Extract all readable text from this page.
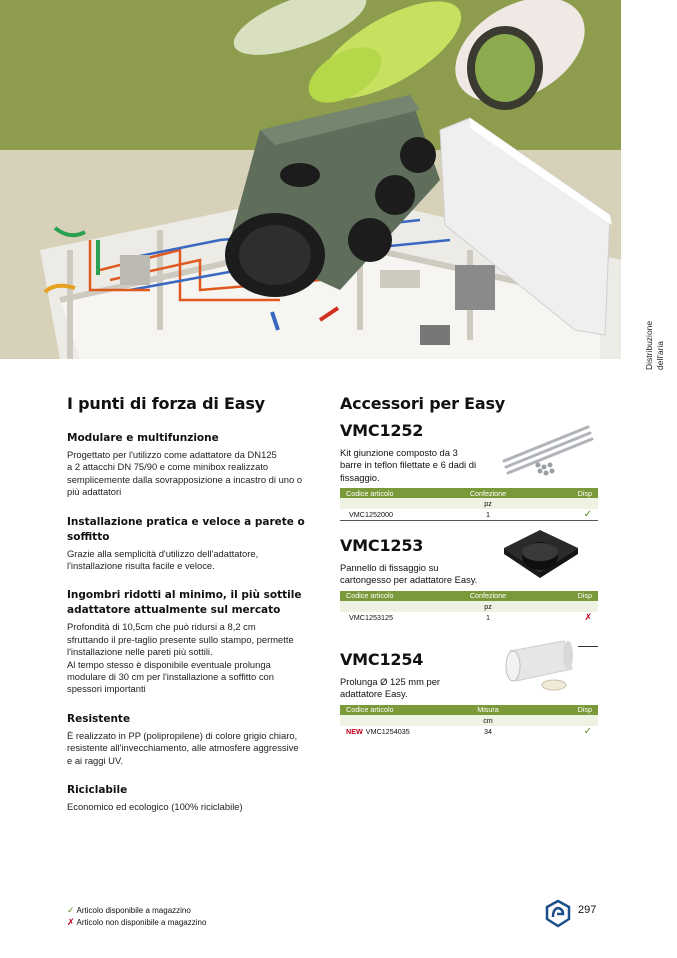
Distribuzione dell'aria
I punti di forza di Easy
Modulare e multifunzione
Progettato per l'utilizzo come adattatore da DN125
a 2 attacchi DN 75/90 e come minibox realizzato
semplicemente dalla sovrapposizione a incastro di uno o
più adattatori
Installazione pratica e veloce a parete o soffitto
Grazie alla semplicità d'utilizzo dell'adattatore,
l'installazione risulta facile e veloce.
Ingombri ridotti al minimo, il più sottile adattatore attualmente sul mercato
Profondità di 10,5cm che può ridursi a 8,2 cm
sfruttando il pre-taglio presente sullo stampo, permette
l'installazione nelle pareti più sottili.
Al tempo stesso è disponibile eventuale prolunga
modulare di 30 cm per l'installazione a soffitto con
spessori importanti
Resistente
È realizzato in PP (polipropilene) di colore grigio chiaro,
resistente all'invecchiamento, alle atmosfere aggressive
e ai raggi UV.
Riciclabile
Economico ed ecologico (100% riciclabile)
Accessori per Easy
VMC1252
Kit giunzione composto da 3
barre in teflon filettate e 6 dadi di
fissaggio.
Codice articolo	Confezione	Disp
	pz	
VMC1252000	1	✓
VMC1253
Pannello di fissaggio su
cartongesso per adattatore Easy.
Codice articolo	Confezione	Disp
	pz	
VMC1253125	1	✗
VMC1254
Prolunga Ø 125 mm per
adattatore Easy.
Codice articolo	Misura	Disp
	cm	
NEW VMC1254035	34	✓
✓ Articolo disponibile a magazzino
✗ Articolo non disponibile a magazzino
297
